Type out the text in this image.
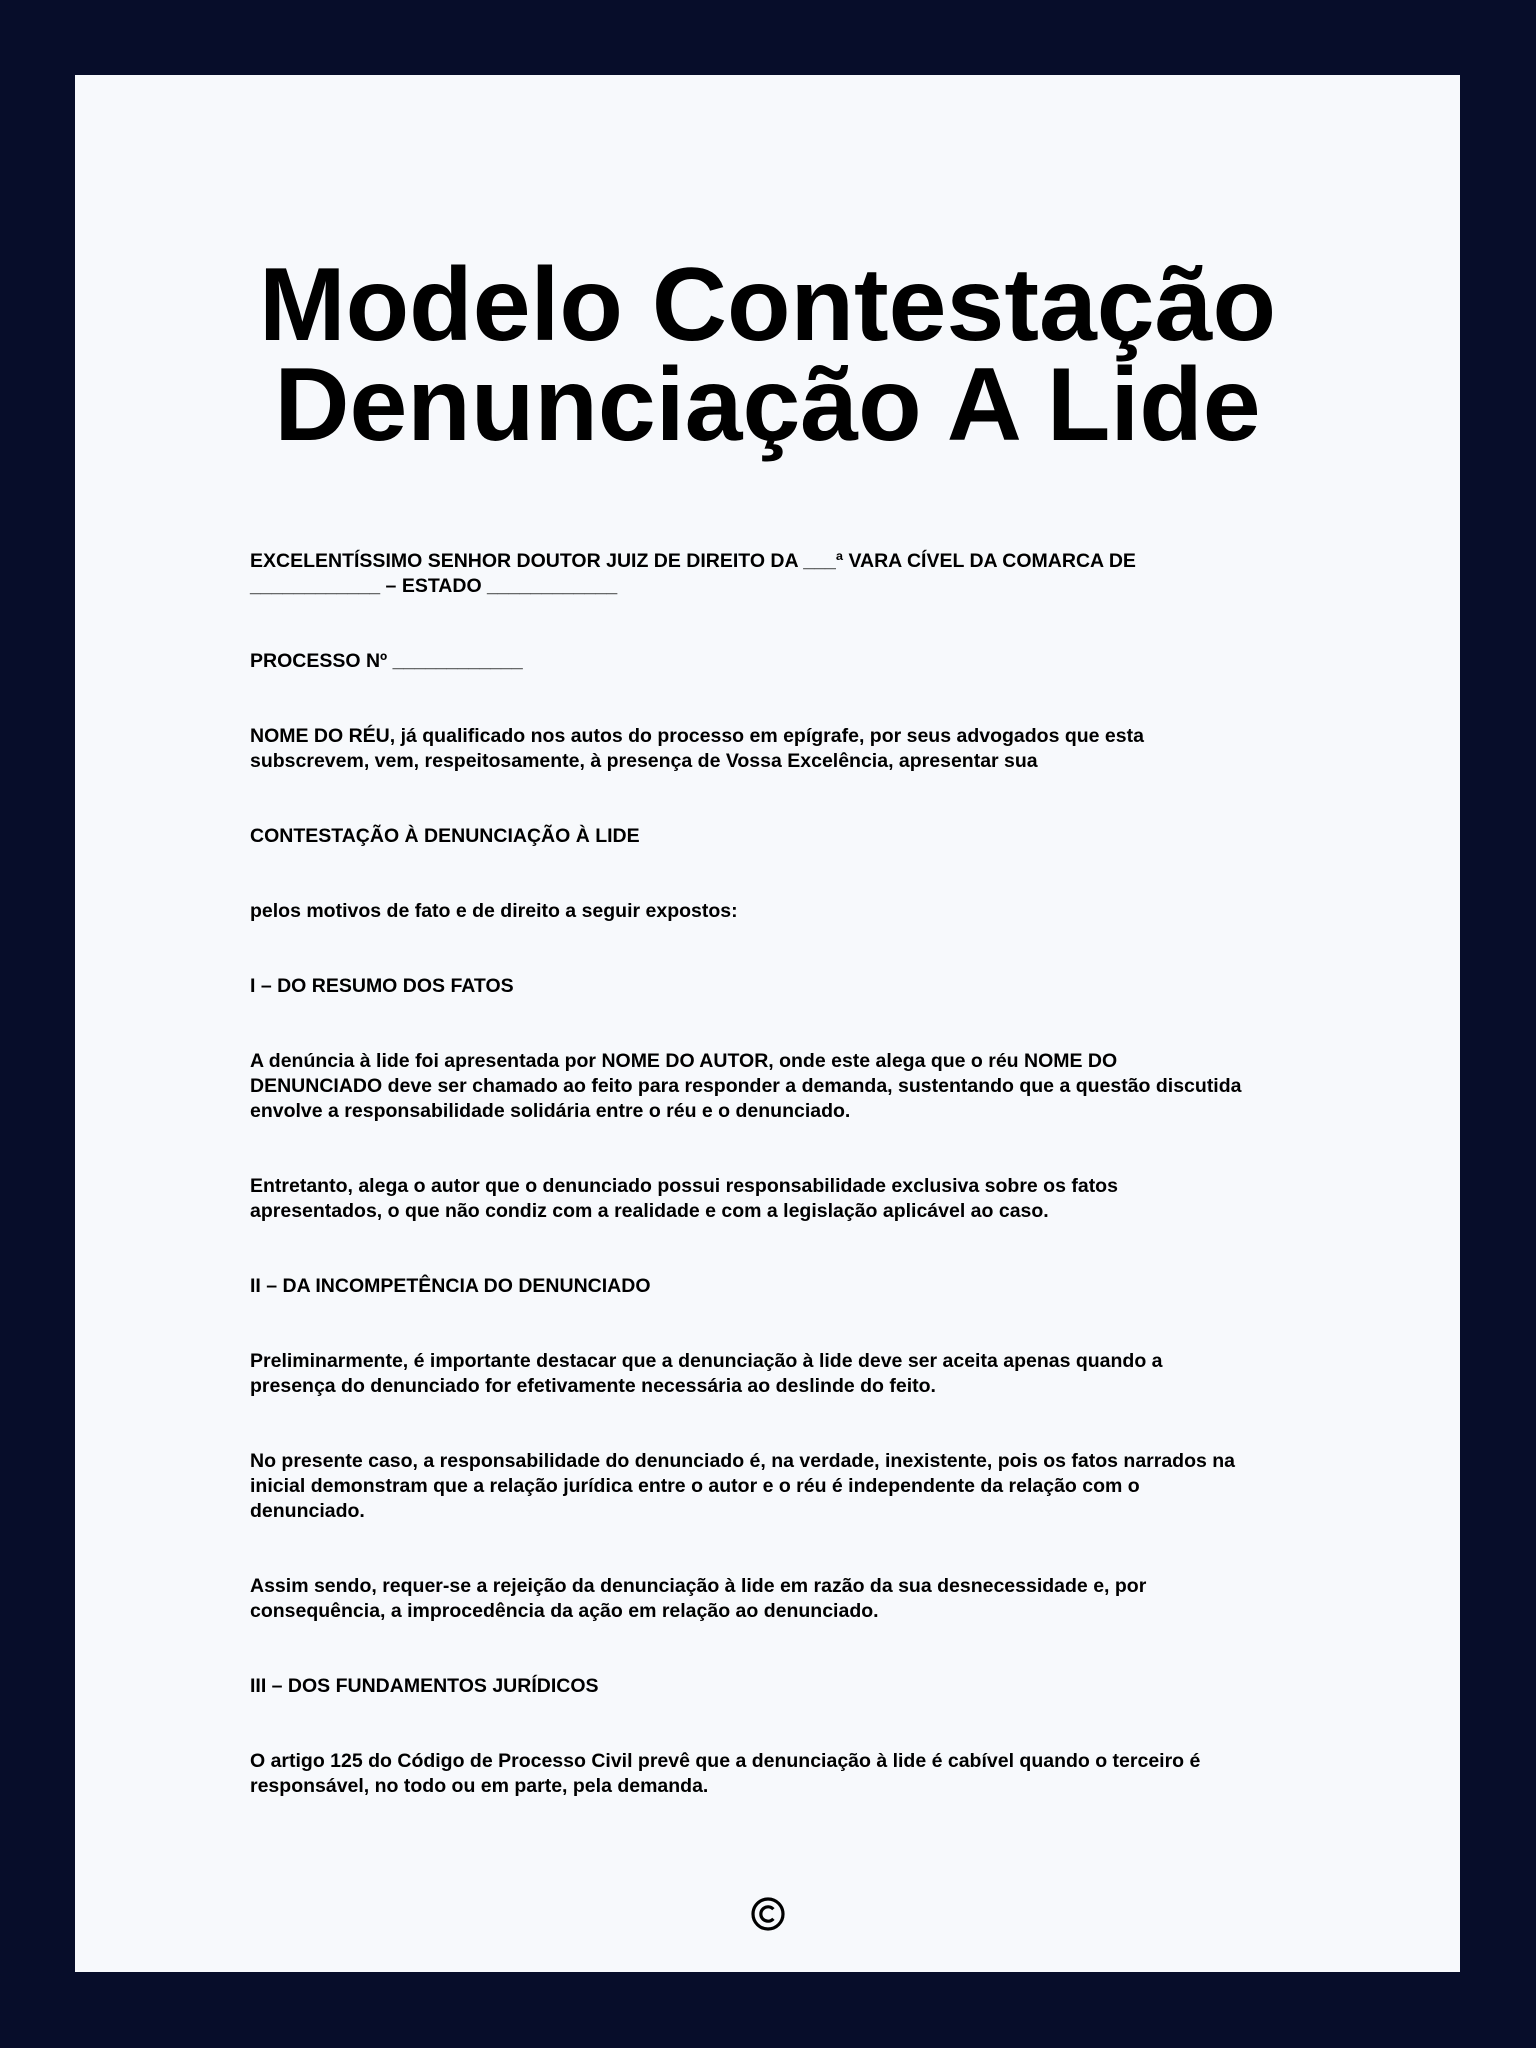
Modelo Contestação
Denunciação A Lide

EXCELENTÍSSIMO SENHOR DOUTOR JUIZ DE DIREITO DA ___ª VARA CÍVEL DA COMARCA DE
____________ – ESTADO ____________

PROCESSO Nº ____________

NOME DO RÉU, já qualificado nos autos do processo em epígrafe, por seus advogados que esta
subscrevem, vem, respeitosamente, à presença de Vossa Excelência, apresentar sua

CONTESTAÇÃO À DENUNCIAÇÃO À LIDE

pelos motivos de fato e de direito a seguir expostos:

I – DO RESUMO DOS FATOS

A denúncia à lide foi apresentada por NOME DO AUTOR, onde este alega que o réu NOME DO
DENUNCIADO deve ser chamado ao feito para responder a demanda, sustentando que a questão discutida
envolve a responsabilidade solidária entre o réu e o denunciado.

Entretanto, alega o autor que o denunciado possui responsabilidade exclusiva sobre os fatos
apresentados, o que não condiz com a realidade e com a legislação aplicável ao caso.

II – DA INCOMPETÊNCIA DO DENUNCIADO

Preliminarmente, é importante destacar que a denunciação à lide deve ser aceita apenas quando a
presença do denunciado for efetivamente necessária ao deslinde do feito.

No presente caso, a responsabilidade do denunciado é, na verdade, inexistente, pois os fatos narrados na
inicial demonstram que a relação jurídica entre o autor e o réu é independente da relação com o
denunciado.

Assim sendo, requer-se a rejeição da denunciação à lide em razão da sua desnecessidade e, por
consequência, a improcedência da ação em relação ao denunciado.

III – DOS FUNDAMENTOS JURÍDICOS

O artigo 125 do Código de Processo Civil prevê que a denunciação à lide é cabível quando o terceiro é
responsável, no todo ou em parte, pela demanda.
